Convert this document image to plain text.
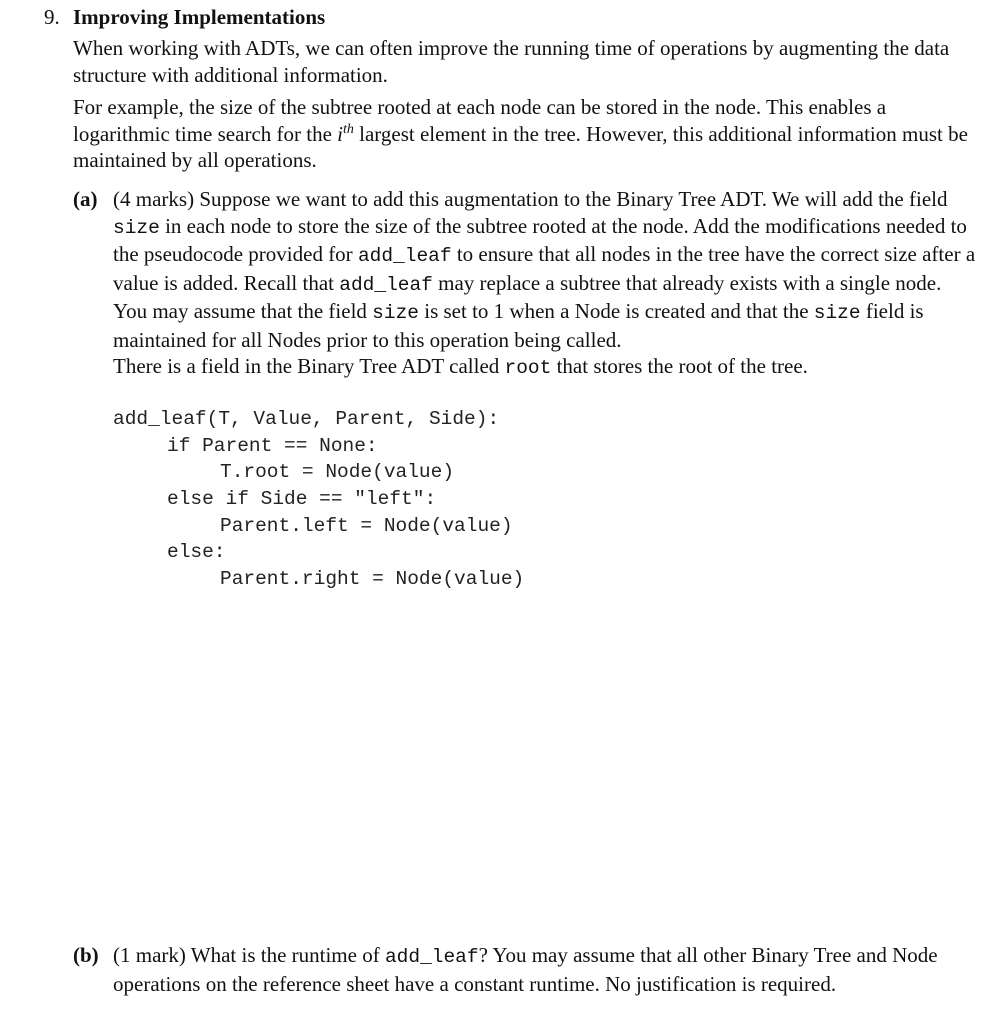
9. Improving Implementations

When working with ADTs, we can often improve the running time of operations by augmenting the data structure with additional information.

For example, the size of the subtree rooted at each node can be stored in the node. This enables a logarithmic time search for the $i^{th}$ largest element in the tree. However, this additional information must be maintained by all operations.

(a) (4 marks) Suppose we want to add this augmentation to the Binary Tree ADT. We will add the field size in each node to store the size of the subtree rooted at the node. Add the modifications needed to the pseudocode provided for add_leaf to ensure that all nodes in the tree have the correct size after a value is added. Recall that add_leaf may replace a subtree that already exists with a single node.
You may assume that the field size is set to 1 when a Node is created and that the size field is maintained for all Nodes prior to this operation being called.
There is a field in the Binary Tree ADT called root that stores the root of the tree.

add_leaf(T, Value, Parent, Side):
if Parent == None:
T.root = Node(value)
else if Side == "left":
Parent.left = Node(value)
else:
Parent.right = Node(value)
(b) (1 mark) What is the runtime of add_leaf? You may assume that all other Binary Tree and Node operations on the reference sheet have a constant runtime. No justification is required.
